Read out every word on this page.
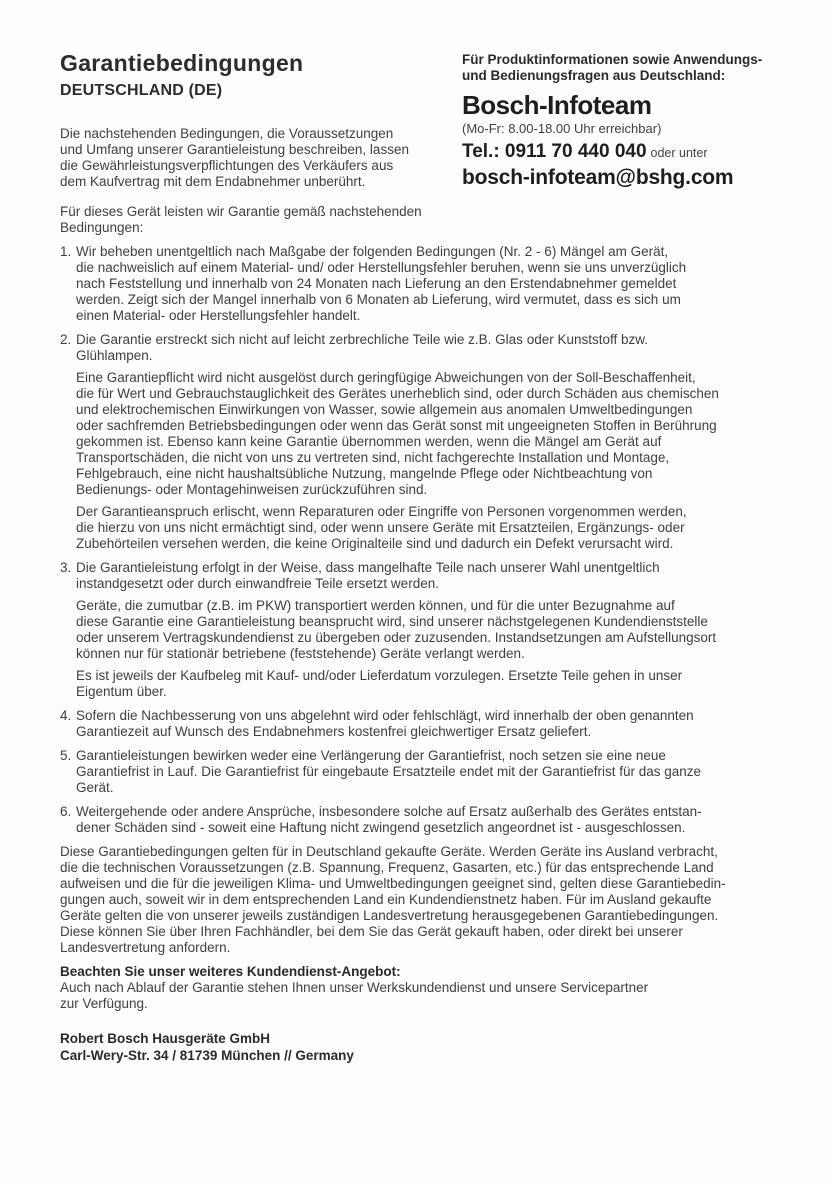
Garantiebedingungen
DEUTSCHLAND (DE)

Die nachstehenden Bedingungen, die Voraussetzungen
und Umfang unserer Garantieleistung beschreiben, lassen
die Gewährleistungsverpflichtungen des Verkäufers aus
dem Kaufvertrag mit dem Endabnehmer unberührt.

Für dieses Gerät leisten wir Garantie gemäß nachstehenden
Bedingungen:

Für Produktinformationen sowie Anwendungs-
und Bedienungsfragen aus Deutschland:

Bosch-Infoteam
(Mo-Fr: 8.00-18.00 Uhr erreichbar)
Tel.: 0911 70 440 040 oder unter
bosch-infoteam@bshg.com
1. Wir beheben unentgeltlich nach Maßgabe der folgenden Bedingungen (Nr. 2 - 6) Mängel am Gerät,
die nachweislich auf einem Material- und/ oder Herstellungsfehler beruhen, wenn sie uns unverzüglich
nach Feststellung und innerhalb von 24 Monaten nach Lieferung an den Erstendabnehmer gemeldet
werden. Zeigt sich der Mangel innerhalb von 6 Monaten ab Lieferung, wird vermutet, dass es sich um
einen Material- oder Herstellungsfehler handelt.

2. Die Garantie erstreckt sich nicht auf leicht zerbrechliche Teile wie z.B. Glas oder Kunststoff bzw.
Glühlampen.

Eine Garantiepflicht wird nicht ausgelöst durch geringfügige Abweichungen von der Soll-Beschaffenheit,
die für Wert und Gebrauchstauglichkeit des Gerätes unerheblich sind, oder durch Schäden aus chemischen
und elektrochemischen Einwirkungen von Wasser, sowie allgemein aus anomalen Umweltbedingungen
oder sachfremden Betriebsbedingungen oder wenn das Gerät sonst mit ungeeigneten Stoffen in Berührung
gekommen ist. Ebenso kann keine Garantie übernommen werden, wenn die Mängel am Gerät auf
Transportschäden, die nicht von uns zu vertreten sind, nicht fachgerechte Installation und Montage,
Fehlgebrauch, eine nicht haushaltsübliche Nutzung, mangelnde Pflege oder Nichtbeachtung von
Bedienungs- oder Montagehinweisen zurückzuführen sind.

Der Garantieanspruch erlischt, wenn Reparaturen oder Eingriffe von Personen vorgenommen werden,
die hierzu von uns nicht ermächtigt sind, oder wenn unsere Geräte mit Ersatzteilen, Ergänzungs- oder
Zubehörteilen versehen werden, die keine Originalteile sind und dadurch ein Defekt verursacht wird.

3. Die Garantieleistung erfolgt in der Weise, dass mangelhafte Teile nach unserer Wahl unentgeltlich
instandgesetzt oder durch einwandfreie Teile ersetzt werden.

Geräte, die zumutbar (z.B. im PKW) transportiert werden können, und für die unter Bezugnahme auf
diese Garantie eine Garantieleistung beansprucht wird, sind unserer nächstgelegenen Kundendienststelle
oder unserem Vertragskundendienst zu übergeben oder zuzusenden. Instandsetzungen am Aufstellungsort
können nur für stationär betriebene (feststehende) Geräte verlangt werden.

Es ist jeweils der Kaufbeleg mit Kauf- und/oder Lieferdatum vorzulegen. Ersetzte Teile gehen in unser
Eigentum über.

4. Sofern die Nachbesserung von uns abgelehnt wird oder fehlschlägt, wird innerhalb der oben genannten
Garantiezeit auf Wunsch des Endabnehmers kostenfrei gleichwertiger Ersatz geliefert.

5. Garantieleistungen bewirken weder eine Verlängerung der Garantiefrist, noch setzen sie eine neue
Garantiefrist in Lauf. Die Garantiefrist für eingebaute Ersatzteile endet mit der Garantiefrist für das ganze
Gerät.

6. Weitergehende oder andere Ansprüche, insbesondere solche auf Ersatz außerhalb des Gerätes entstan-
dener Schäden sind - soweit eine Haftung nicht zwingend gesetzlich angeordnet ist - ausgeschlossen.

Diese Garantiebedingungen gelten für in Deutschland gekaufte Geräte. Werden Geräte ins Ausland verbracht,
die die technischen Voraussetzungen (z.B. Spannung, Frequenz, Gasarten, etc.) für das entsprechende Land
aufweisen und die für die jeweiligen Klima- und Umweltbedingungen geeignet sind, gelten diese Garantiebedin-
gungen auch, soweit wir in dem entsprechenden Land ein Kundendienstnetz haben. Für im Ausland gekaufte
Geräte gelten die von unserer jeweils zuständigen Landesvertretung herausgegebenen Garantiebedingungen.
Diese können Sie über Ihren Fachhändler, bei dem Sie das Gerät gekauft haben, oder direkt bei unserer
Landesvertretung anfordern.

Beachten Sie unser weiteres Kundendienst-Angebot:

Auch nach Ablauf der Garantie stehen Ihnen unser Werkskundendienst und unsere Servicepartner
zur Verfügung.

Robert Bosch Hausgeräte GmbH
Carl-Wery-Str. 34 / 81739 München // Germany
